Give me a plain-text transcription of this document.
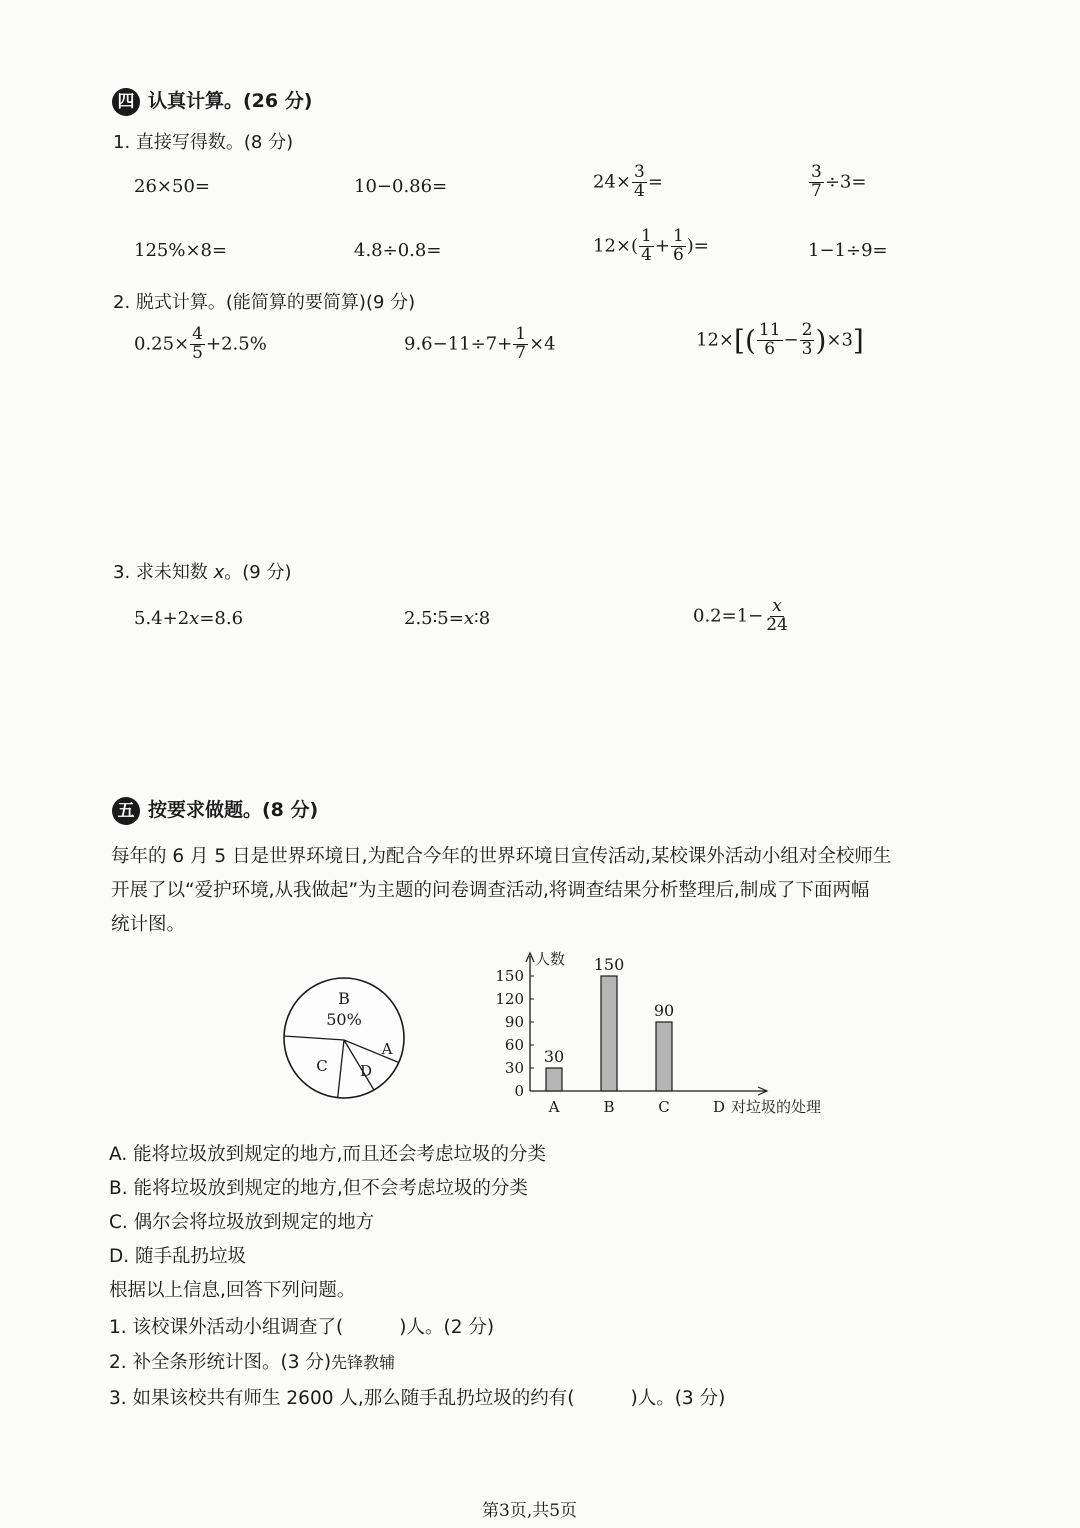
四 认真计算。(26 分)
1. 直接写得数。(8 分)
26×50=	10−0.86=	$24\times \frac{3}{4}$ =	$\frac{3}{7} \div 3=$
125%×8=	4.8÷0.8=	$12\times( \frac{1}{4} + \frac{1}{6}$ )=	1−1÷9=
2. 脱式计算。(能简算的要简算)(9 分)
$0.25\times \frac{4}{5} +2.5\%$	$9.6-11\div 7+ \frac{1}{7} \times 4$	$12\times[( \frac{11}{6} - \frac{2}{3} )\times 3]$
3. 求未知数 x。(9 分)
5.4+2x=8.6	2.5∶5=x∶8	$0.2=1- \frac{x}{24}$
五 按要求做题。(8 分)
每年的 6 月 5 日是世界环境日,为配合今年的世界环境日宣传活动,某校课外活动小组对全校师生
开展了以“爱护环境,从我做起”为主题的问卷调查活动,将调查结果分析整理后,制成了下面两幅
统计图。
B
50%
A
D
C
人数
0
30
60
90
120
150
30
A
150
B
90
C	D 对垃圾的处理
A. 能将垃圾放到规定的地方,而且还会考虑垃圾的分类
B. 能将垃圾放到规定的地方,但不会考虑垃圾的分类
C. 偶尔会将垃圾放到规定的地方
D. 随手乱扔垃圾
根据以上信息,回答下列问题。
1. 该校课外活动小组调查了(	)人。(2 分)
2. 补全条形统计图。(3 分)先锋教辅
3. 如果该校共有师生 2600 人,那么随手乱扔垃圾的约有(	)人。(3 分)
第3页,共5页
